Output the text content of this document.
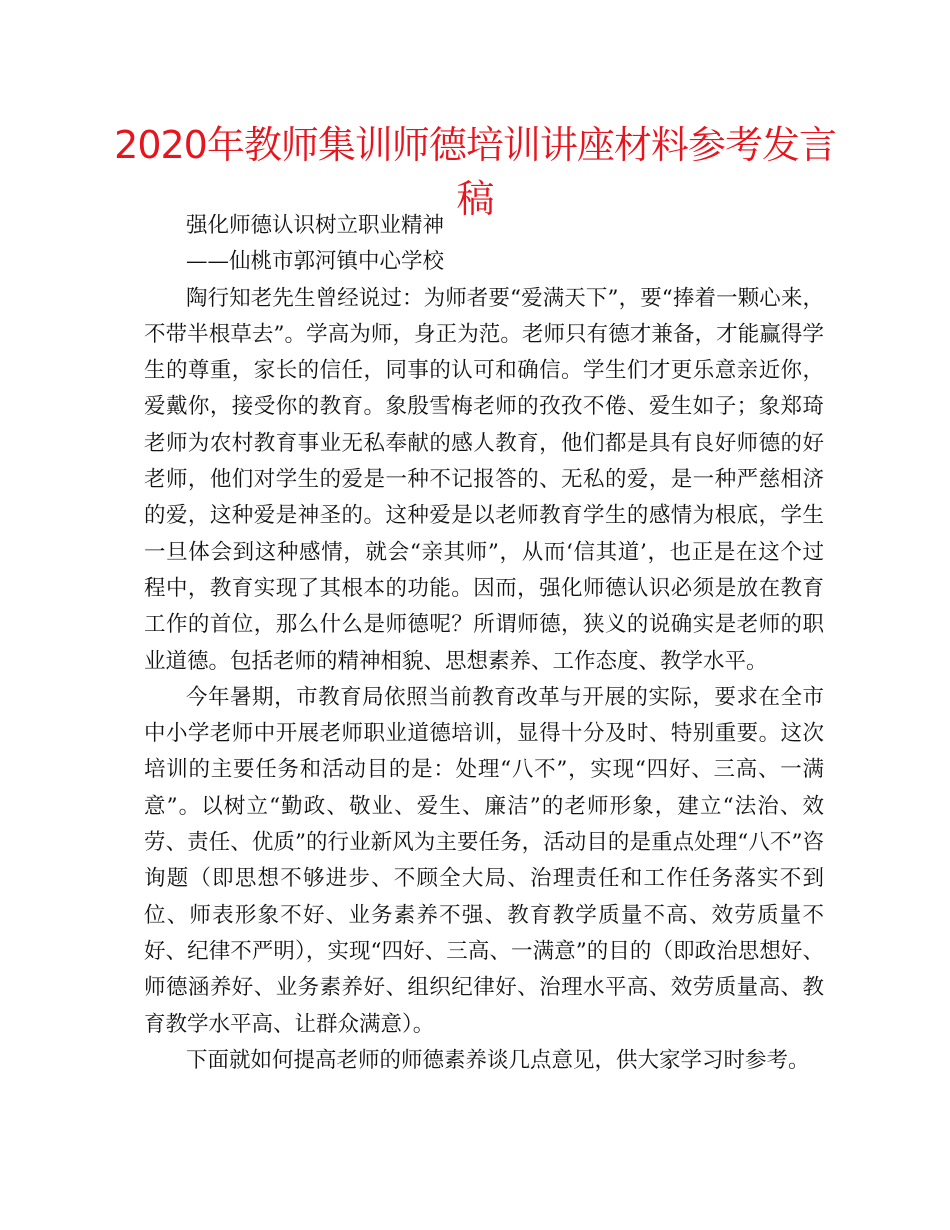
2020年教师集训师德培训讲座材料参考发言稿

强化师德认识树立职业精神

——仙桃市郭河镇中心学校

陶行知老先生曾经说过：为师者要“爱满天下”，要“捧着一颗心来，不带半根草去”。学高为师，身正为范。老师只有德才兼备，才能赢得学生的尊重，家长的信任，同事的认可和确信。学生们才更乐意亲近你，爱戴你，接受你的教育。象殷雪梅老师的孜孜不倦、爱生如子；象郑琦老师为农村教育事业无私奉献的感人教育，他们都是具有良好师德的好老师，他们对学生的爱是一种不记报答的、无私的爱，是一种严慈相济的爱，这种爱是神圣的。这种爱是以老师教育学生的感情为根底，学生一旦体会到这种感情，就会“亲其师”，从而‘信其道’，也正是在这个过程中，教育实现了其根本的功能。因而，强化师德认识必须是放在教育工作的首位，那么什么是师德呢？所谓师德，狭义的说确实是老师的职业道德。包括老师的精神相貌、思想素养、工作态度、教学水平。

今年暑期，市教育局依照当前教育改革与开展的实际，要求在全市中小学老师中开展老师职业道德培训，显得十分及时、特别重要。这次培训的主要任务和活动目的是：处理“八不”，实现“四好、三高、一满意”。以树立“勤政、敬业、爱生、廉洁”的老师形象，建立“法治、效劳、责任、优质”的行业新风为主要任务，活动目的是重点处理“八不”咨询题（即思想不够进步、不顾全大局、治理责任和工作任务落实不到位、师表形象不好、业务素养不强、教育教学质量不高、效劳质量不好、纪律不严明），实现“四好、三高、一满意”的目的（即政治思想好、师德涵养好、业务素养好、组织纪律好、治理水平高、效劳质量高、教育教学水平高、让群众满意）。

下面就如何提高老师的师德素养谈几点意见，供大家学习时参考。
